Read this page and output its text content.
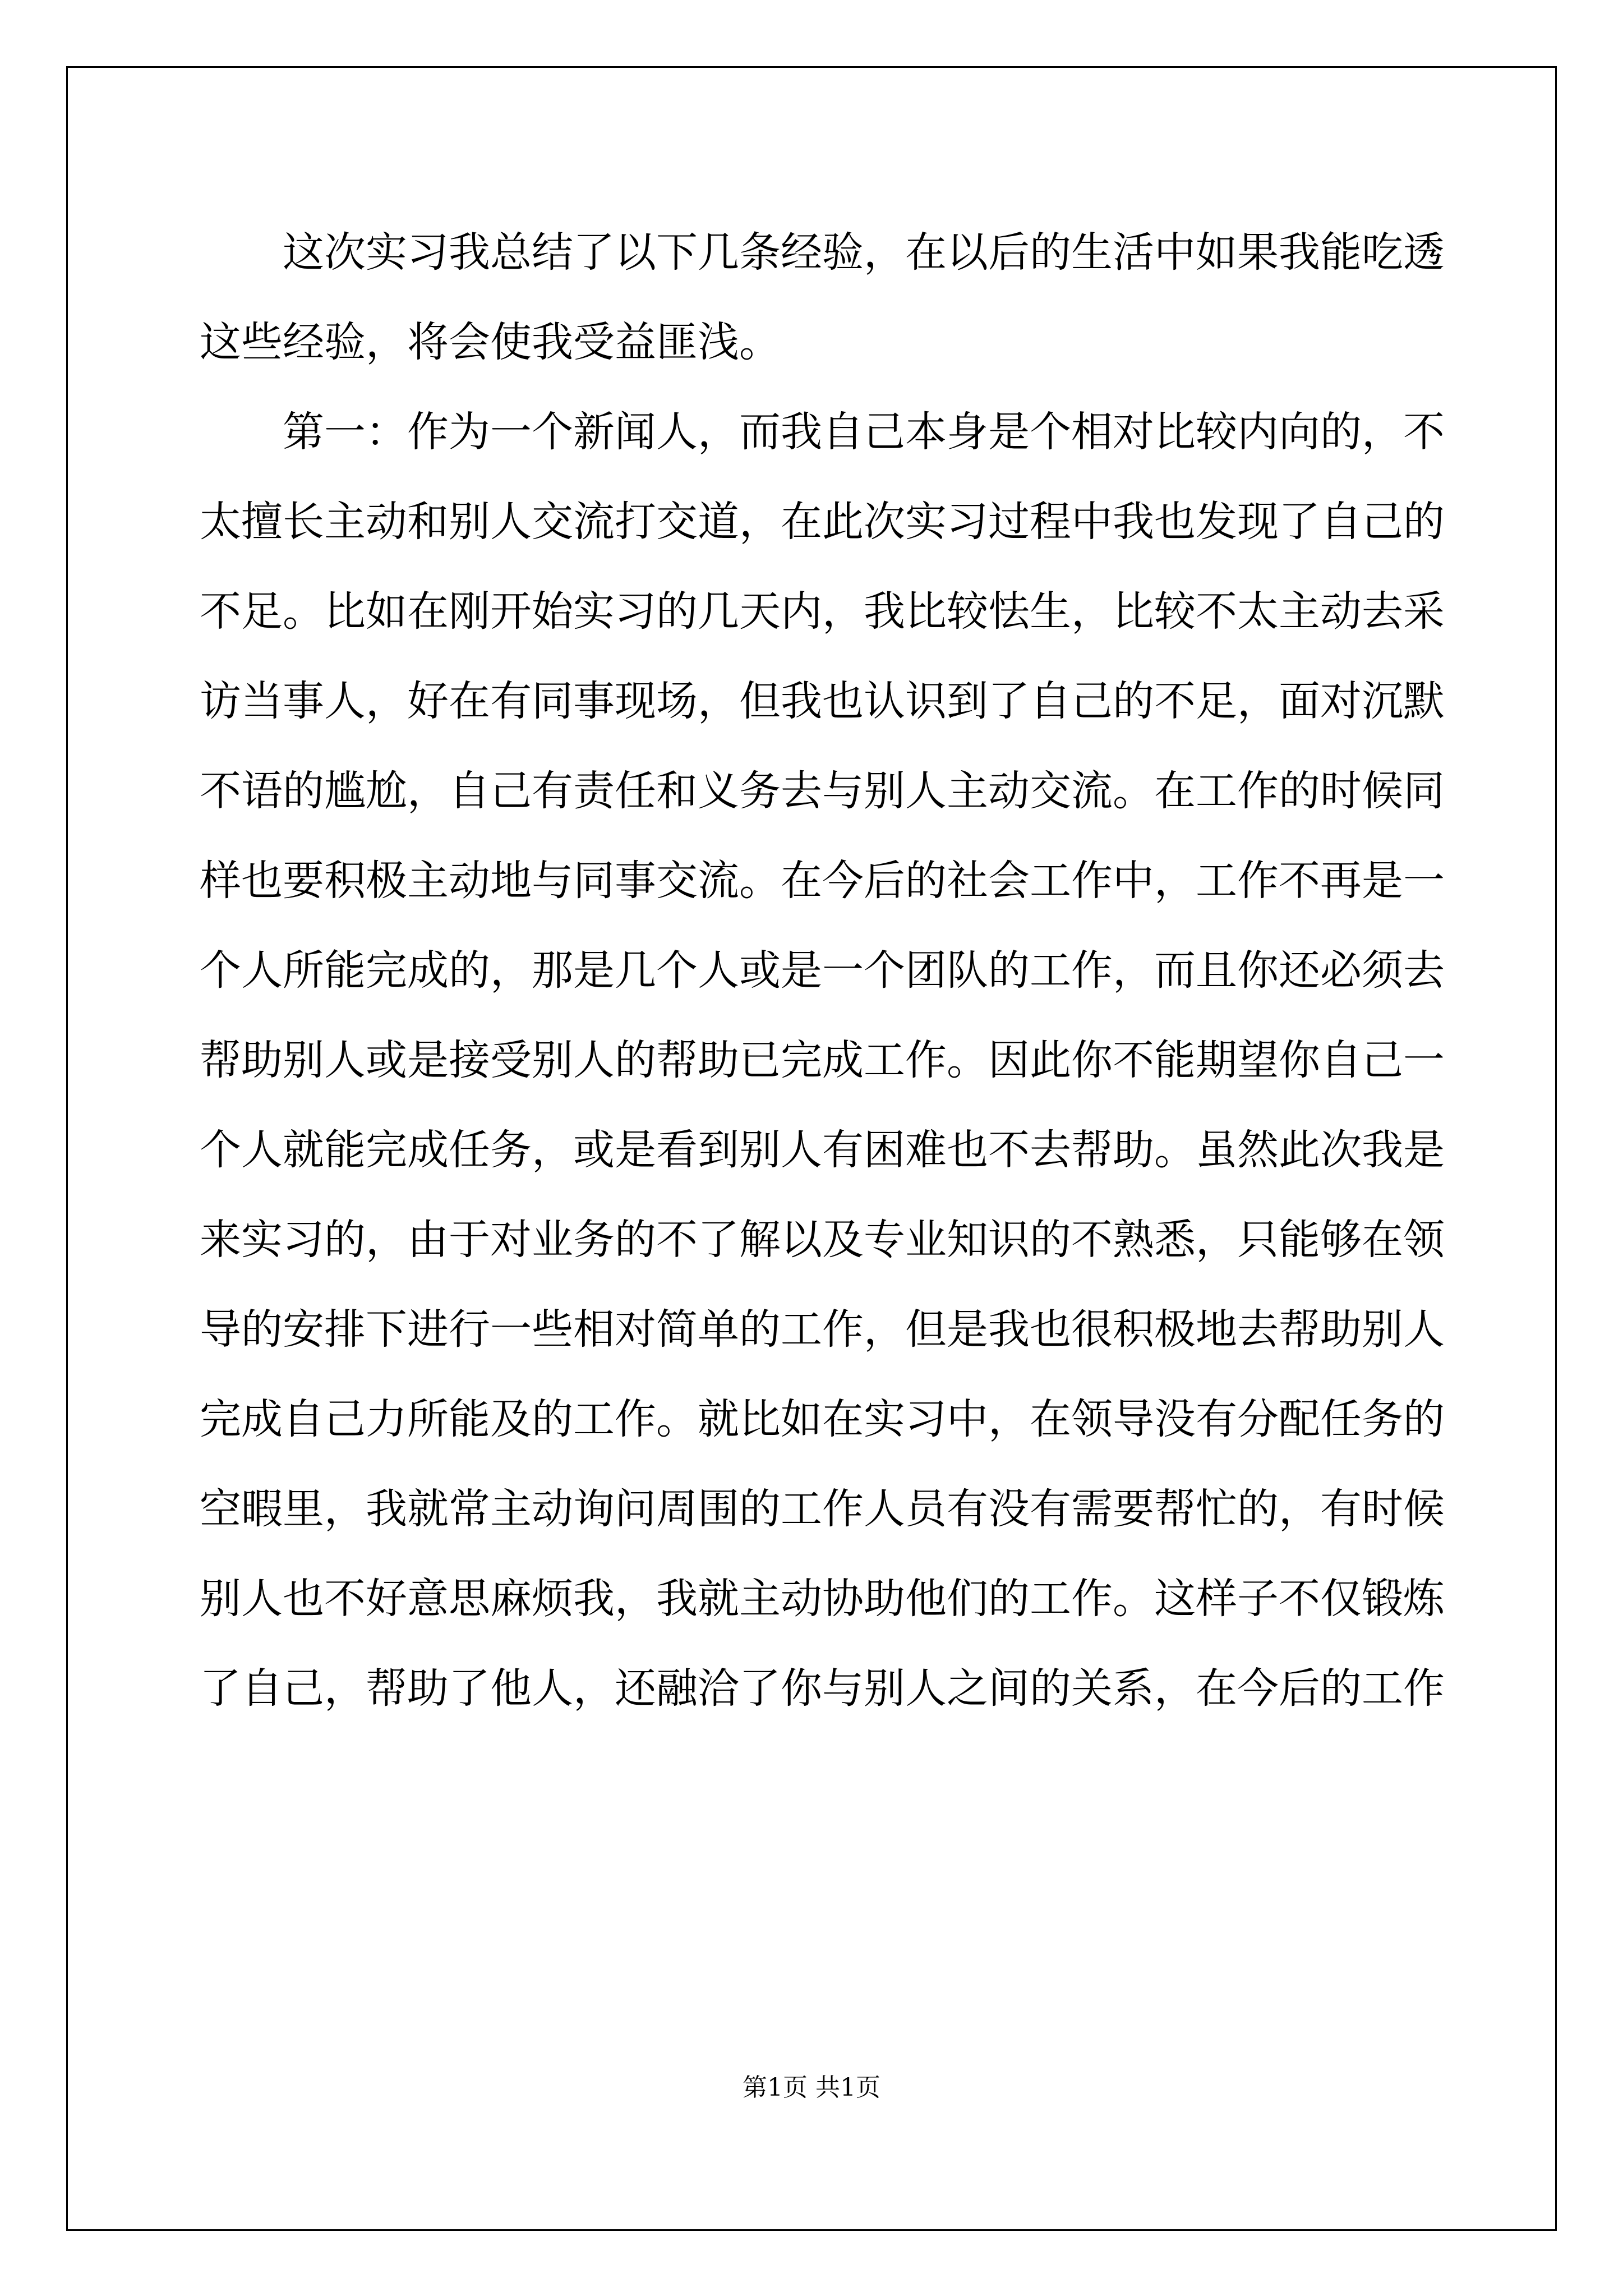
这次实习我总结了以下几条经验，在以后的生活中如果我能吃透
这些经验，将会使我受益匪浅。
第一：作为一个新闻人，而我自己本身是个相对比较内向的，不
太擅长主动和别人交流打交道，在此次实习过程中我也发现了自己的
不足。比如在刚开始实习的几天内，我比较怯生，比较不太主动去采
访当事人，好在有同事现场，但我也认识到了自己的不足，面对沉默
不语的尴尬，自己有责任和义务去与别人主动交流。在工作的时候同
样也要积极主动地与同事交流。在今后的社会工作中，工作不再是一
个人所能完成的，那是几个人或是一个团队的工作，而且你还必须去
帮助别人或是接受别人的帮助已完成工作。因此你不能期望你自己一
个人就能完成任务，或是看到别人有困难也不去帮助。虽然此次我是
来实习的，由于对业务的不了解以及专业知识的不熟悉，只能够在领
导的安排下进行一些相对简单的工作，但是我也很积极地去帮助别人
完成自己力所能及的工作。就比如在实习中，在领导没有分配任务的
空暇里，我就常主动询问周围的工作人员有没有需要帮忙的，有时候
别人也不好意思麻烦我，我就主动协助他们的工作。这样子不仅锻炼
了自己，帮助了他人，还融洽了你与别人之间的关系，在今后的工作
第1页 共1页
